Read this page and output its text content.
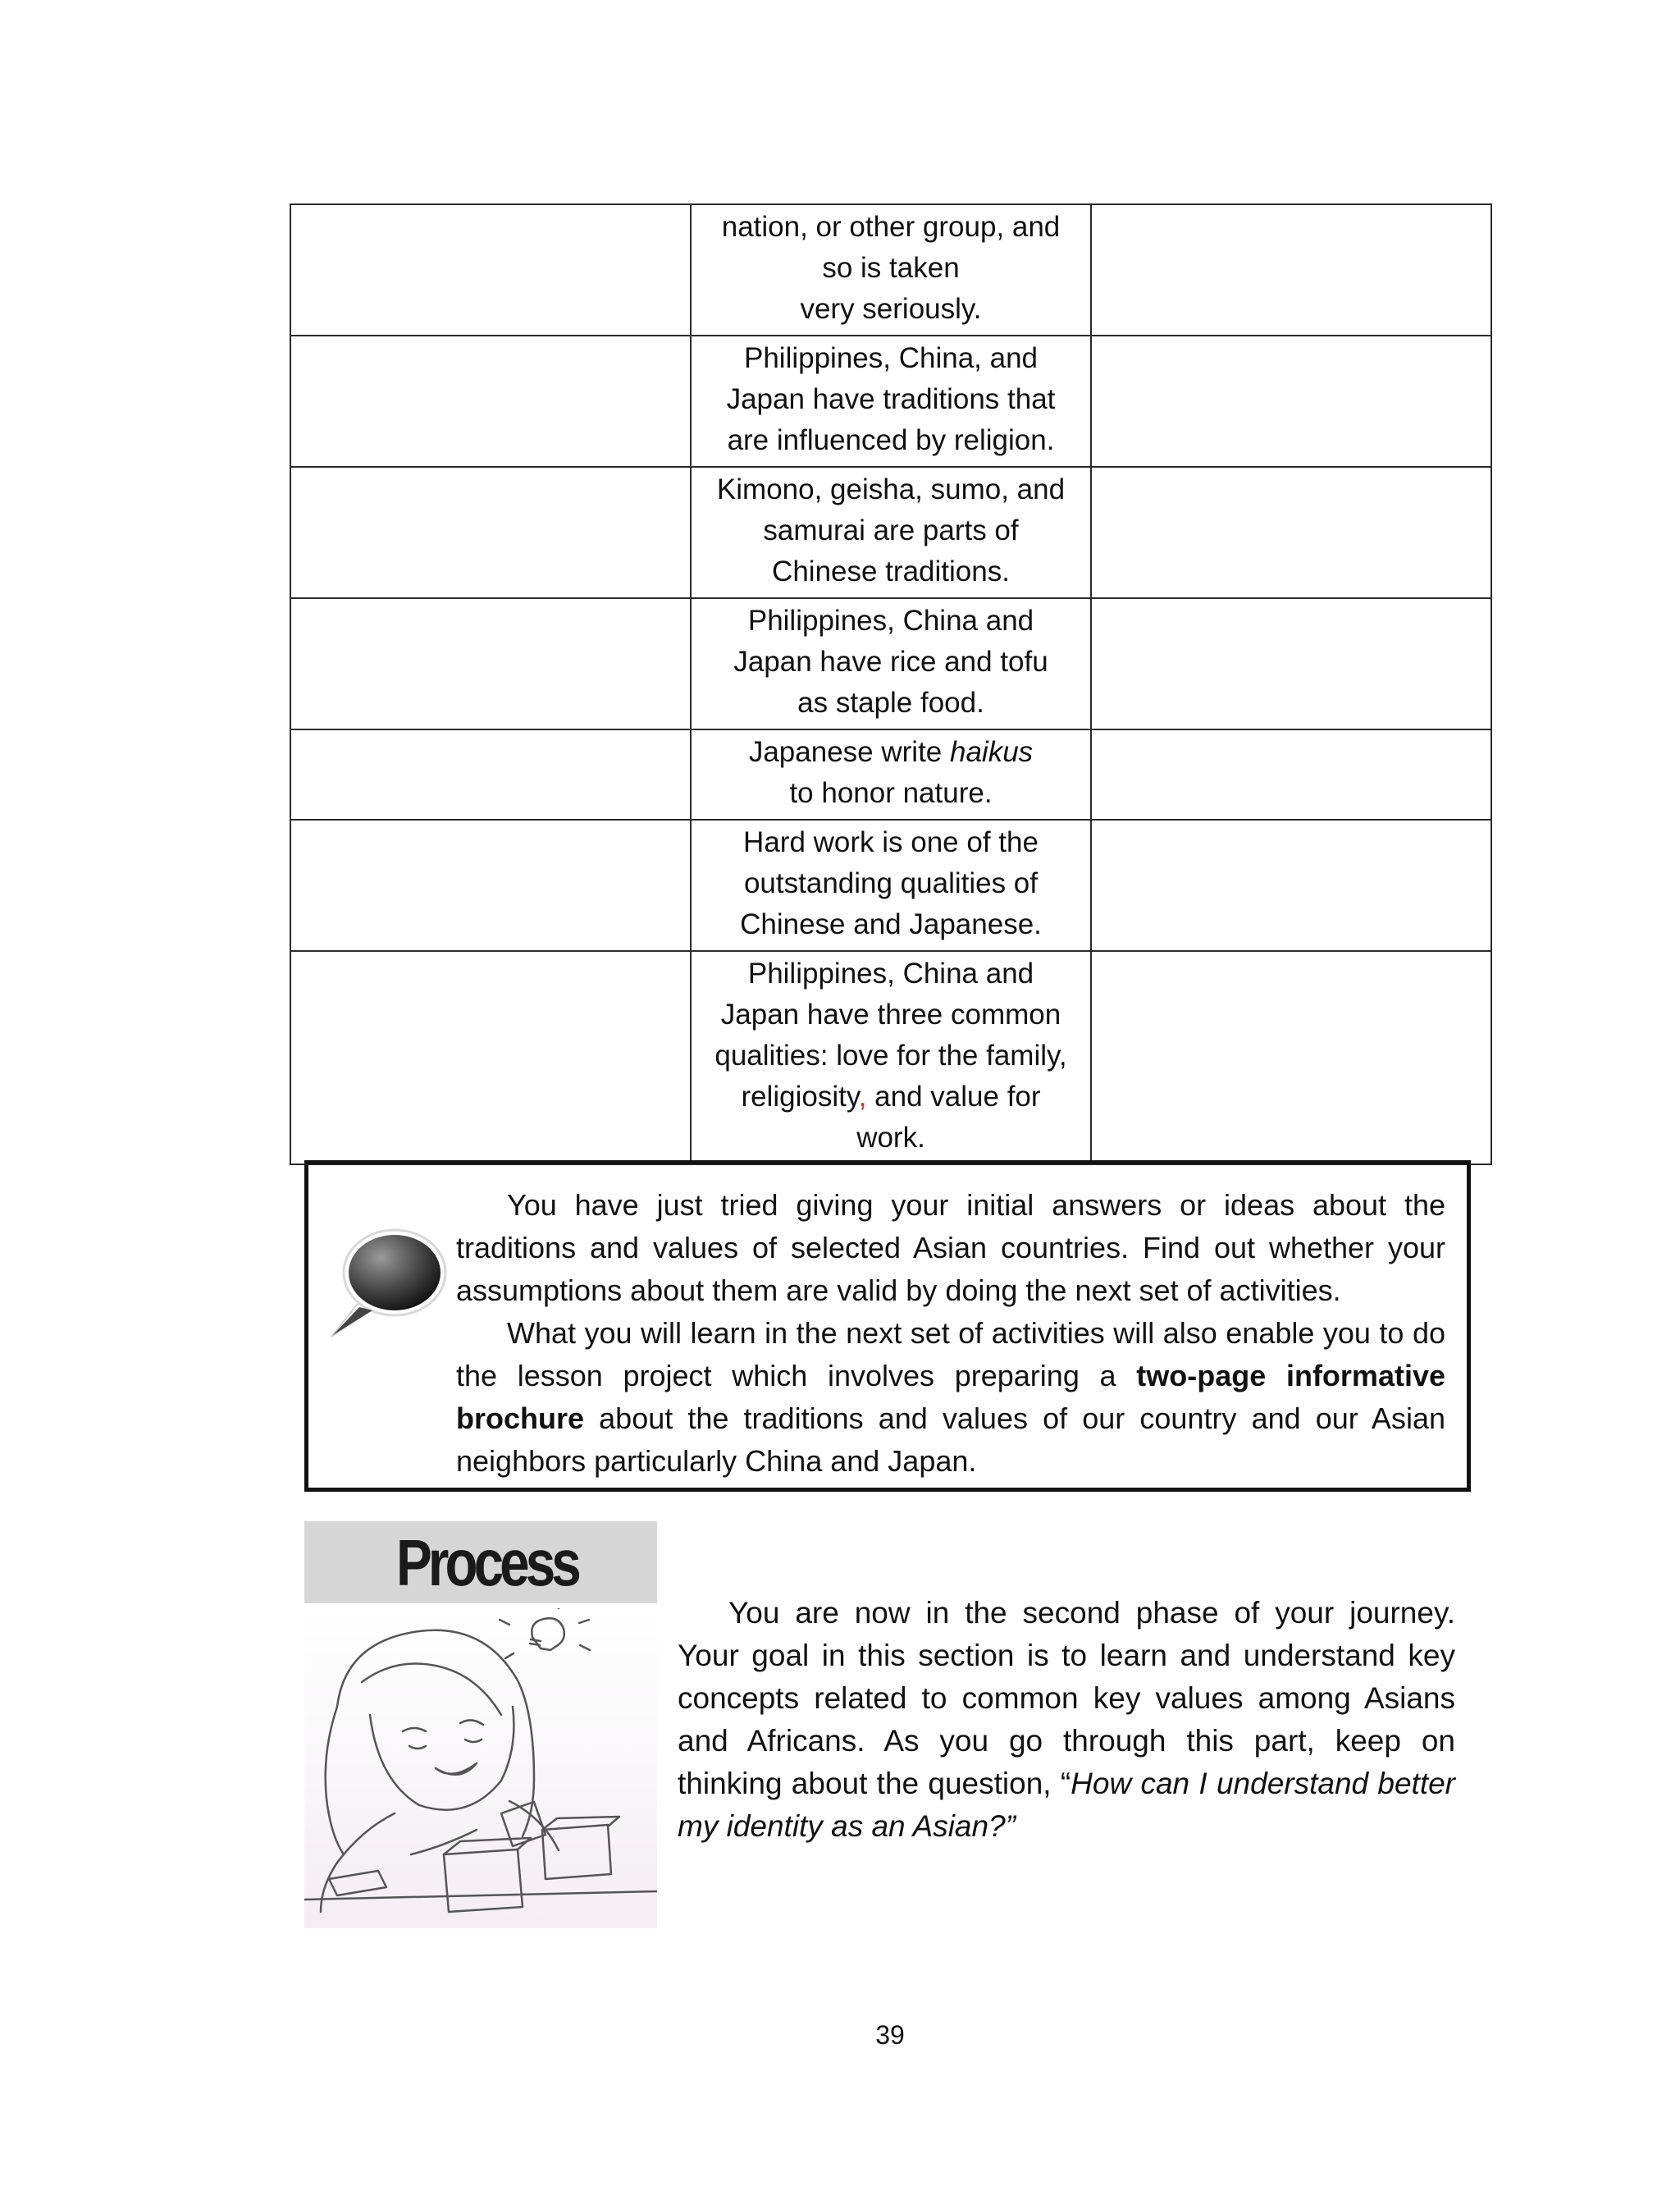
	nation, or other group, and
so is taken
very seriously.	

	Philippines, China, and
Japan have traditions that
are influenced by religion.	

	Kimono, geisha, sumo, and
samurai are parts of
Chinese traditions.	

	Philippines, China and
Japan have rice and tofu
as staple food.	

	Japanese write haikus
to honor nature.	

	Hard work is one of the
outstanding qualities of
Chinese and Japanese.	

	Philippines, China and
Japan have three common
qualities: love for the family,
religiosity, and value for
work.	

You have just tried giving your initial answers or ideas about the traditions and values of selected Asian countries. Find out whether your assumptions about them are valid by doing the next set of activities.

What you will learn in the next set of activities will also enable you to do the lesson project which involves preparing a two-page informative brochure about the traditions and values of our country and our Asian neighbors particularly China and Japan.

Process

You are now in the second phase of your journey. Your goal in this section is to learn and understand key concepts related to common key values among Asians and Africans. As you go through this part, keep on thinking about the question, “How can I understand better my identity as an Asian?”

39
